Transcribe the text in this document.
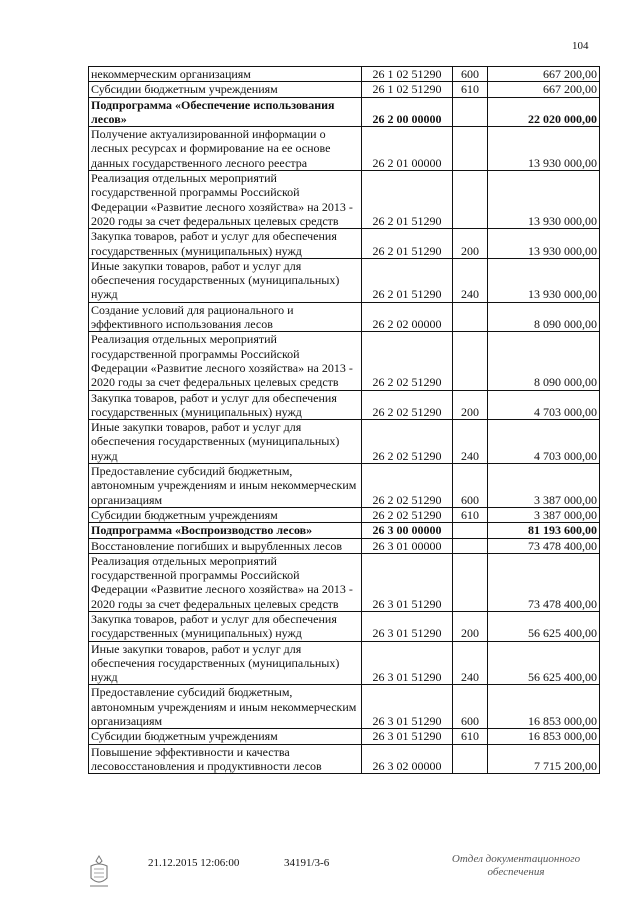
104
некоммерческим организациям	26 1 02 51290	600	667 200,00
Субсидии бюджетным учреждениям	26 1 02 51290	610	667 200,00
Подпрограмма «Обеспечение использования лесов»	26 2 00 00000		22 020 000,00
Получение актуализированной информации о лесных ресурсах и формирование на ее основе данных государственного лесного реестра	26 2 01 00000		13 930 000,00
Реализация отдельных мероприятий государственной программы Российской Федерации «Развитие лесного хозяйства» на 2013 - 2020 годы за счет федеральных целевых средств	26 2 01 51290		13 930 000,00
Закупка товаров, работ и услуг для обеспечения государственных (муниципальных) нужд	26 2 01 51290	200	13 930 000,00
Иные закупки товаров, работ и услуг для обеспечения государственных (муниципальных) нужд	26 2 01 51290	240	13 930 000,00
Создание условий для рационального и эффективного использования лесов	26 2 02 00000		8 090 000,00
Реализация отдельных мероприятий государственной программы Российской Федерации «Развитие лесного хозяйства» на 2013 - 2020 годы за счет федеральных целевых средств	26 2 02 51290		8 090 000,00
Закупка товаров, работ и услуг для обеспечения государственных (муниципальных) нужд	26 2 02 51290	200	4 703 000,00
Иные закупки товаров, работ и услуг для обеспечения государственных (муниципальных) нужд	26 2 02 51290	240	4 703 000,00
Предоставление субсидий бюджетным, автономным учреждениям и иным некоммерческим организациям	26 2 02 51290	600	3 387 000,00
Субсидии бюджетным учреждениям	26 2 02 51290	610	3 387 000,00
Подпрограмма «Воспроизводство лесов»	26 3 00 00000		81 193 600,00
Восстановление погибших и вырубленных лесов	26 3 01 00000		73 478 400,00
Реализация отдельных мероприятий государственной программы Российской Федерации «Развитие лесного хозяйства» на 2013 - 2020 годы за счет федеральных целевых средств	26 3 01 51290		73 478 400,00
Закупка товаров, работ и услуг для обеспечения государственных (муниципальных) нужд	26 3 01 51290	200	56 625 400,00
Иные закупки товаров, работ и услуг для обеспечения государственных (муниципальных) нужд	26 3 01 51290	240	56 625 400,00
Предоставление субсидий бюджетным, автономным учреждениям и иным некоммерческим организациям	26 3 01 51290	600	16 853 000,00
Субсидии бюджетным учреждениям	26 3 01 51290	610	16 853 000,00
Повышение эффективности и качества лесовосстановления и продуктивности лесов	26 3 02 00000		7 715 200,00
21.12.2015 12:06:00	34191/3-6	Отдел документационного
обеспечения
